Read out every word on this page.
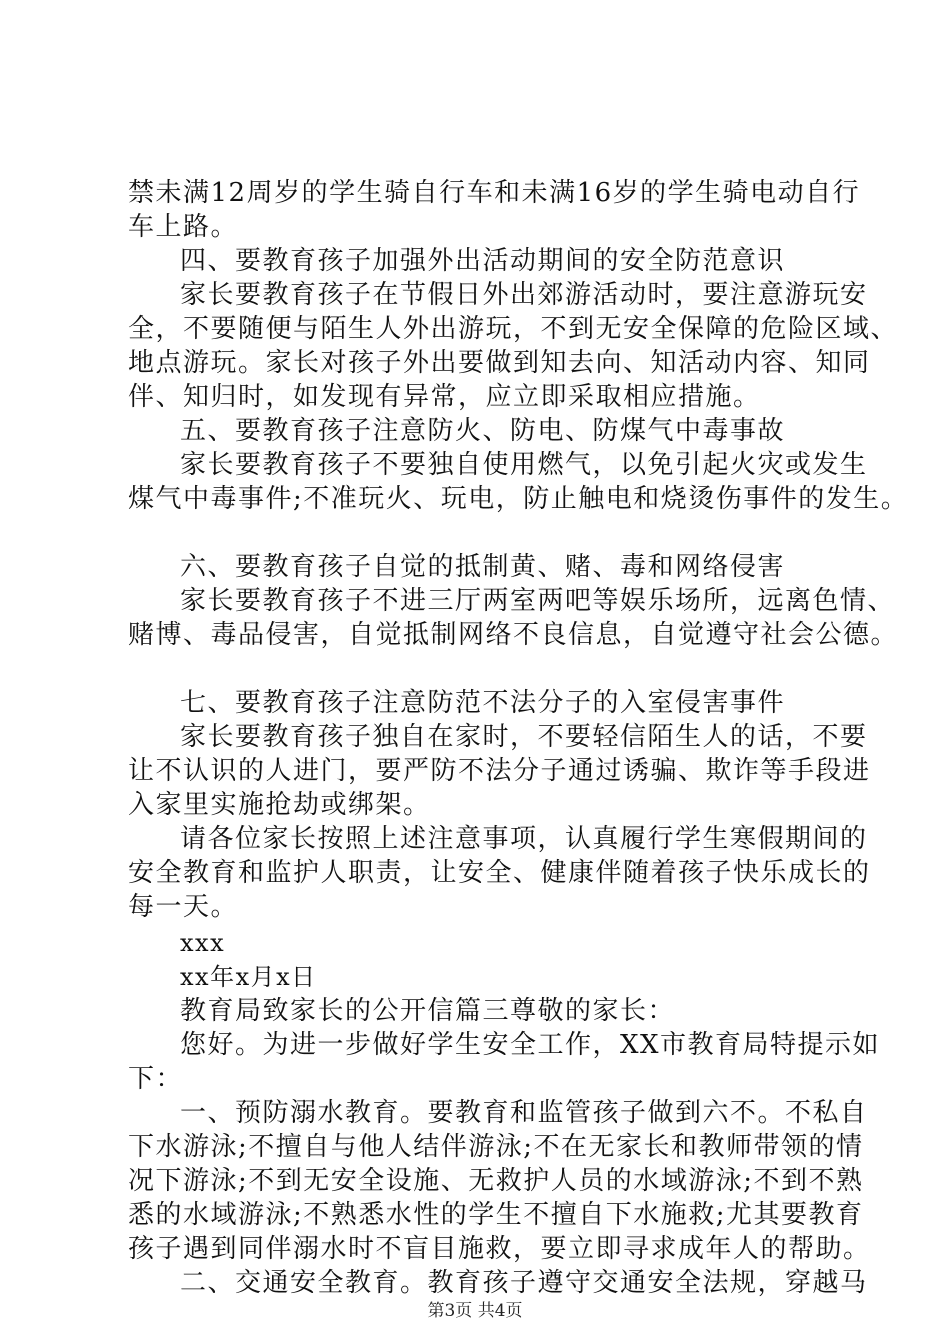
禁未满12周岁的学生骑自行车和未满16岁的学生骑电动自行
车上路。
四、要教育孩子加强外出活动期间的安全防范意识
家长要教育孩子在节假日外出郊游活动时，要注意游玩安
全，不要随便与陌生人外出游玩，不到无安全保障的危险区域、
地点游玩。家长对孩子外出要做到知去向、知活动内容、知同
伴、知归时，如发现有异常，应立即采取相应措施。
五、要教育孩子注意防火、防电、防煤气中毒事故
家长要教育孩子不要独自使用燃气，以免引起火灾或发生
煤气中毒事件;不准玩火、玩电，防止触电和烧烫伤事件的发生。
六、要教育孩子自觉的抵制黄、赌、毒和网络侵害
家长要教育孩子不进三厅两室两吧等娱乐场所，远离色情、
赌博、毒品侵害，自觉抵制网络不良信息，自觉遵守社会公德。
七、要教育孩子注意防范不法分子的入室侵害事件
家长要教育孩子独自在家时，不要轻信陌生人的话，不要
让不认识的人进门，要严防不法分子通过诱骗、欺诈等手段进
入家里实施抢劫或绑架。
请各位家长按照上述注意事项，认真履行学生寒假期间的
安全教育和监护人职责，让安全、健康伴随着孩子快乐成长的
每一天。
xxx
xx年x月x日
教育局致家长的公开信篇三尊敬的家长：
您好。为进一步做好学生安全工作，XX市教育局特提示如
下：
一、预防溺水教育。要教育和监管孩子做到六不。不私自
下水游泳;不擅自与他人结伴游泳;不在无家长和教师带领的情
况下游泳;不到无安全设施、无救护人员的水域游泳;不到不熟
悉的水域游泳;不熟悉水性的学生不擅自下水施救;尤其要教育
孩子遇到同伴溺水时不盲目施救，要立即寻求成年人的帮助。
二、交通安全教育。教育孩子遵守交通安全法规，穿越马
第3页 共4页
